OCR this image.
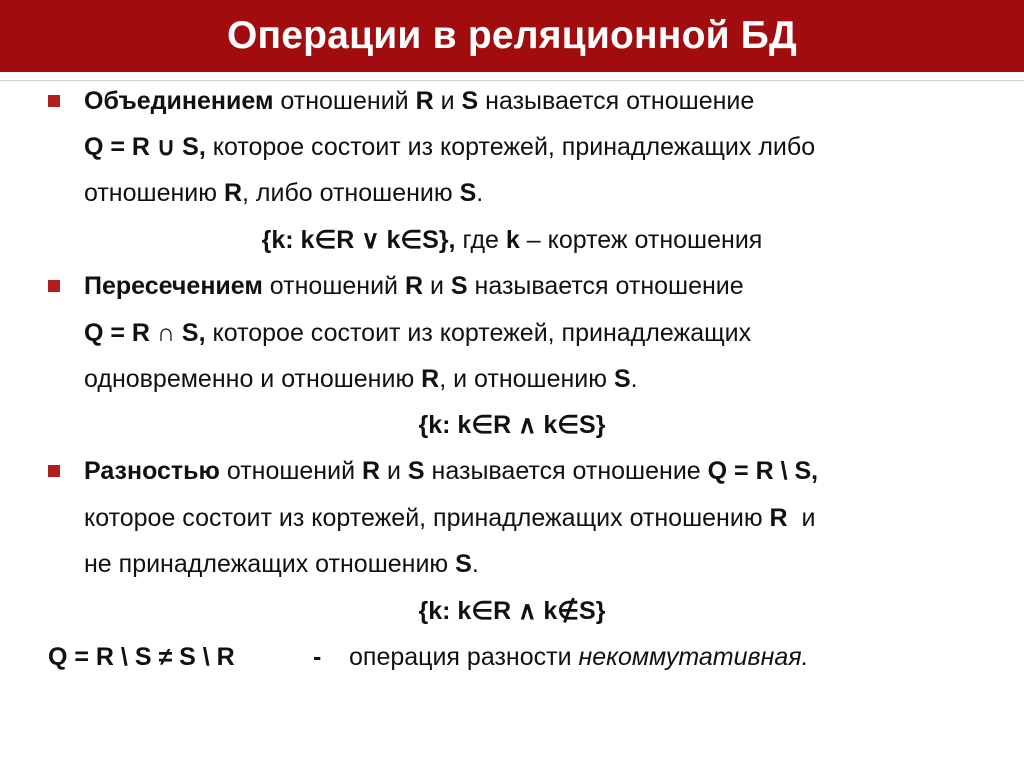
Операции в реляционной БД
Объединением отношений R и S называется отношение
Q = R ∪ S, которое состоит из кортежей, принадлежащих либо
отношению R, либо отношению S.
{k: k∈R ∨ k∈S}, где k – кортеж отношения
Пересечением отношений R и S называется отношение
Q = R ∩ S, которое состоит из кортежей, принадлежащих
одновременно и отношению R, и отношению S.
{k: k∈R ∧ k∈S}
Разностью отношений R и S называется отношение Q = R \ S,
которое состоит из кортежей, принадлежащих отношению R  и
не принадлежащих отношению S.
{k: k∈R ∧ k∉S}
Q = R \ S ≠ S \ R	- операция разности некоммутативная.
